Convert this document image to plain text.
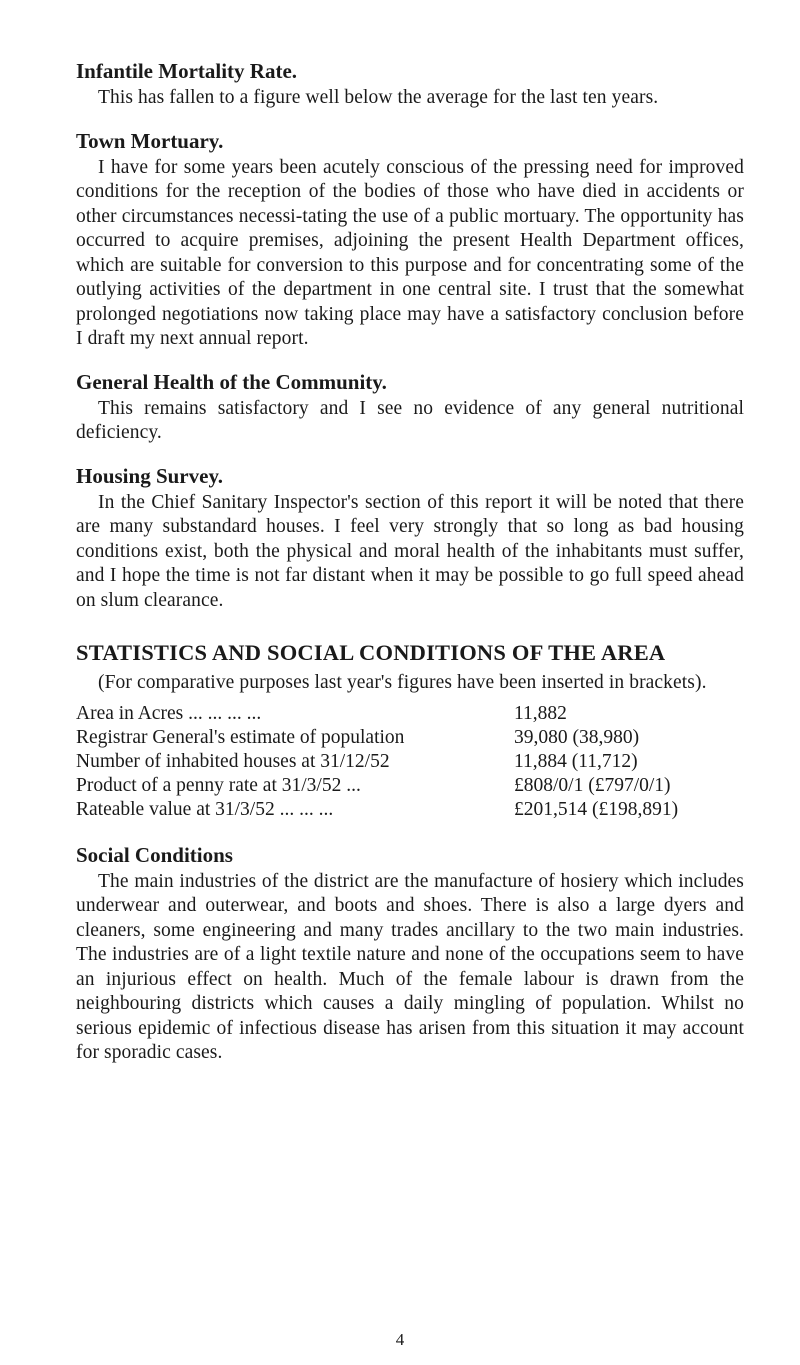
Infantile Mortality Rate.

This has fallen to a figure well below the average for the last ten years.

Town Mortuary.

I have for some years been acutely conscious of the pressing need for improved conditions for the reception of the bodies of those who have died in accidents or other circumstances necessi-tating the use of a public mortuary. The opportunity has occurred to acquire premises, adjoining the present Health Department offices, which are suitable for conversion to this purpose and for concentrating some of the outlying activities of the department in one central site. I trust that the somewhat prolonged negotiations now taking place may have a satisfactory conclusion before I draft my next annual report.

General Health of the Community.

This remains satisfactory and I see no evidence of any general nutritional deficiency.

Housing Survey.

In the Chief Sanitary Inspector's section of this report it will be noted that there are many substandard houses. I feel very strongly that so long as bad housing conditions exist, both the physical and moral health of the inhabitants must suffer, and I hope the time is not far distant when it may be possible to go full speed ahead on slum clearance.

STATISTICS AND SOCIAL CONDITIONS OF THE AREA

(For comparative purposes last year's figures have been inserted in brackets).

Area in Acres ... ... ... ...	11,882
Registrar General's estimate of population	39,080 (38,980)
Number of inhabited houses at 31/12/52	11,884 (11,712)
Product of a penny rate at 31/3/52 ...	£808/0/1 (£797/0/1)
Rateable value at 31/3/52 ... ... ...	£201,514 (£198,891)
Social Conditions

The main industries of the district are the manufacture of hosiery which includes underwear and outerwear, and boots and shoes. There is also a large dyers and cleaners, some engineering and many trades ancillary to the two main industries. The industries are of a light textile nature and none of the occupations seem to have an injurious effect on health. Much of the female labour is drawn from the neighbouring districts which causes a daily mingling of population. Whilst no serious epidemic of infectious disease has arisen from this situation it may account for sporadic cases.

4
